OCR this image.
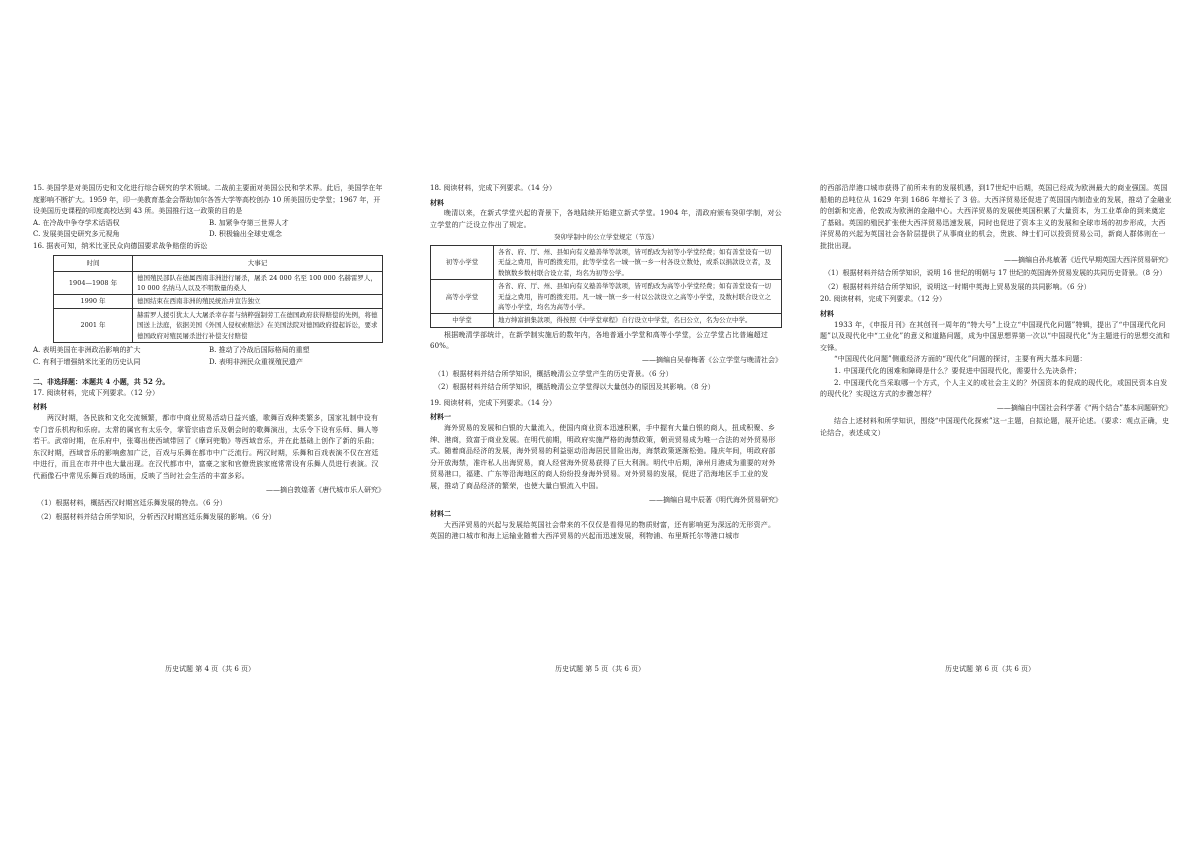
15. 美国学是对美国历史和文化进行综合研究的学术领域。二战前主要面对美国公民和学术界。此后，美国学在年度影响不断扩大。1959 年，印一美教育基金会帮助加尔各答大学等高校创办 10 所美国历史学堂；1967 年，开设美国历史课程的印度高校达到 43 所。美国推行这一政策的目的是

A. 在冷战中争夺学术话语权	B. 加紧争夺第三世界人才
C. 发展美国史研究多元视角	D. 积极输出全球史观念

16. 据表可知，纳米比亚民众向德国要求战争赔偿的诉讼

时间	大事记
1904—1908 年	德国殖民部队在德属西南非洲进行屠杀，屠杀 24 000 名至 100 000 名赫雷罗人，10 000 名纳马人以及不明数量的桑人
1990 年	德国结束在西南非洲的殖民统治并宣告独立
2001 年	赫雷罗人援引犹太人大屠杀幸存者与纳粹强制劳工在德国政府获得赔偿的先例，将德国送上法庭，依据美国《外国人侵权索赔法》在美国法院对德国政府提起诉讼，要求德国政府对殖民屠杀进行补偿支付赔偿
A. 表明美国在非洲政治影响的扩大	B. 推动了冷战后国际格局的重塑
C. 有利于增强纳米比亚的历史认同	D. 表明非洲民众重视殖民遗产

二、非选择题：本题共 4 小题，共 52 分。

17. 阅读材料，完成下列要求。（12 分）

材料

两汉时期，各民族和文化交流频繁，都市中商业贸易活动日益兴盛，歌舞百戏种类繁多，国家礼制中设有专门音乐机构和乐府。太常的属官有太乐令，掌管宗庙音乐及朝会时的歌舞演出，太乐令下设有乐师、舞人等若干。武帝时期，在乐府中，张骞出使西域带回了《摩诃兜勒》等西域音乐，并在此基础上创作了新的乐曲；东汉时期，西域音乐的影响愈加广泛，百戏与乐舞在都市中广泛流行。两汉时期，乐舞和百戏表演不仅在宫廷中进行，而且在市井中也大量出现。在汉代都市中，富豪之家和官僚贵族家庭常常设有乐舞人员进行表演。汉代画像石中常见乐舞百戏的场面，反映了当时社会生活的丰富多彩。

——摘自敦煌著《唐代城市乐人研究》

（1）根据材料，概括西汉时期宫廷乐舞发展的特点。（6 分）

（2）根据材料并结合所学知识，分析西汉时期宫廷乐舞发展的影响。（6 分）

历史试题 第 4 页（共 6 页）

18. 阅读材料，完成下列要求。（14 分）

材料

晚清以来，在新式学堂兴起的背景下，各地陆续开始建立新式学堂。1904 年，清政府颁布癸卯学制，对公立学堂的广泛设立作出了规定。

癸卯学制中的公立学堂规定（节选）

初等小学堂	各省、府、厅、州、县如向有义塾善举等款项，皆可酌改为初等小学堂经费；如有善堂设有一切无益之费用，皆可酌拨充用，此等学堂名一城一镇一乡一村各设立数处，或系以捐款设立者，及数镇数乡数村联合设立者，均名为初等公学。
高等小学堂	各省、府、厅、州、县如向有义塾善举等款项，皆可酌改为高等小学堂经费；如有善堂设有一切无益之费用，皆可酌拨充用。凡一城一镇一乡一村以公款设立之高等小学堂，及数村联合设立之高等小学堂，均名为高等小学。
中学堂	地方绅富捐集款项，得按照《中学堂章程》自行设立中学堂，名曰公立，名为公立中学。

根据晚清学部统计，在新学制实施后的数年内，各地普通小学堂和高等小学堂，公立学堂占比普遍超过 60%。

——摘编自吴春梅著《公立学堂与晚清社会》

（1）根据材料并结合所学知识，概括晚清公立学堂产生的历史背景。（6 分）

（2）根据材料并结合所学知识，概括晚清公立学堂得以大量创办的原因及其影响。（8 分）

19. 阅读材料，完成下列要求。（14 分）

材料一

海外贸易的发展和白银的大量流入，使国内商业资本迅速积累，手中握有大量白银的商人，扭成积聚、乡绅、港商，致富于商业发展。在明代前期，明政府实施严格的海禁政策，朝贡贸易成为唯一合法的对外贸易形式。随着商品经济的发展，海外贸易的利益驱动沿海居民冒险出海，海禁政策逐渐松弛。隆庆年间，明政府部分开放海禁，准许私人出海贸易，商人经营海外贸易获得了巨大利润。明代中后期，漳州月港成为重要的对外贸易港口，福建、广东等沿海地区的商人纷纷投身海外贸易。对外贸易的发展，促进了沿海地区手工业的发展，推动了商品经济的繁荣，也使大量白银流入中国。

——摘编自晁中辰著《明代海外贸易研究》

材料二

大西洋贸易的兴起与发展给英国社会带来的不仅仅是看得见的物质财富，还有影响更为深远的无形资产。英国的港口城市和海上运输业随着大西洋贸易的兴起而迅速发展，利物浦、布里斯托尔等港口城市

历史试题 第 5 页（共 6 页）

的西部沿岸港口城市获得了前所未有的发展机遇，到17世纪中后期，英国已经成为欧洲最大的商业强国。英国船舶的总吨位从 1629 年到 1686 年增长了 3 倍。大西洋贸易还促进了英国国内制造业的发展，推动了金融业的创新和完善，伦敦成为欧洲的金融中心。大西洋贸易的发展使英国积累了大量资本，为工业革命的到来奠定了基础。英国的殖民扩张使大西洋贸易迅速发展，同时也促进了资本主义的发展和全球市场的初步形成，大西洋贸易的兴起为英国社会各阶层提供了从事商业的机会，贵族、绅士们可以投资贸易公司，新商人群体则在一批批出现。

——摘编自孙兆敏著《近代早期英国大西洋贸易研究》

（1）根据材料并结合所学知识，说明 16 世纪的明朝与 17 世纪的英国海外贸易发展的共同历史背景。（8 分）

（2）根据材料并结合所学知识，说明这一时期中英海上贸易发展的共同影响。（6 分）

20. 阅读材料，完成下列要求。（12 分）

材料

1933 年，《申报月刊》在其创刊一周年的“特大号”上设立“中国现代化问题”特辑，提出了“中国现代化问题”以及现代化中“工业化”的意义和道路问题，成为中国思想界第一次以“中国现代化”为主题进行的思想交流和交锋。

“中国现代化问题”侧重经济方面的“现代化”问题的探讨，主要有两大基本问题：

1. 中国现代化的困难和障碍是什么？要促进中国现代化，需要什么先决条件；

2. 中国现代化当采取哪一个方式，个人主义的或社会主义的？外国资本的促成的现代化，或国民资本自发的现代化？实现这方式的步骤怎样？

——摘编自中国社会科学著《“两个结合”基本问题研究》

结合上述材料和所学知识，围绕“中国现代化探索”这一主题，自拟论题，展开论述。（要求：观点正确，史论结合，表述成文）

历史试题 第 6 页（共 6 页）
